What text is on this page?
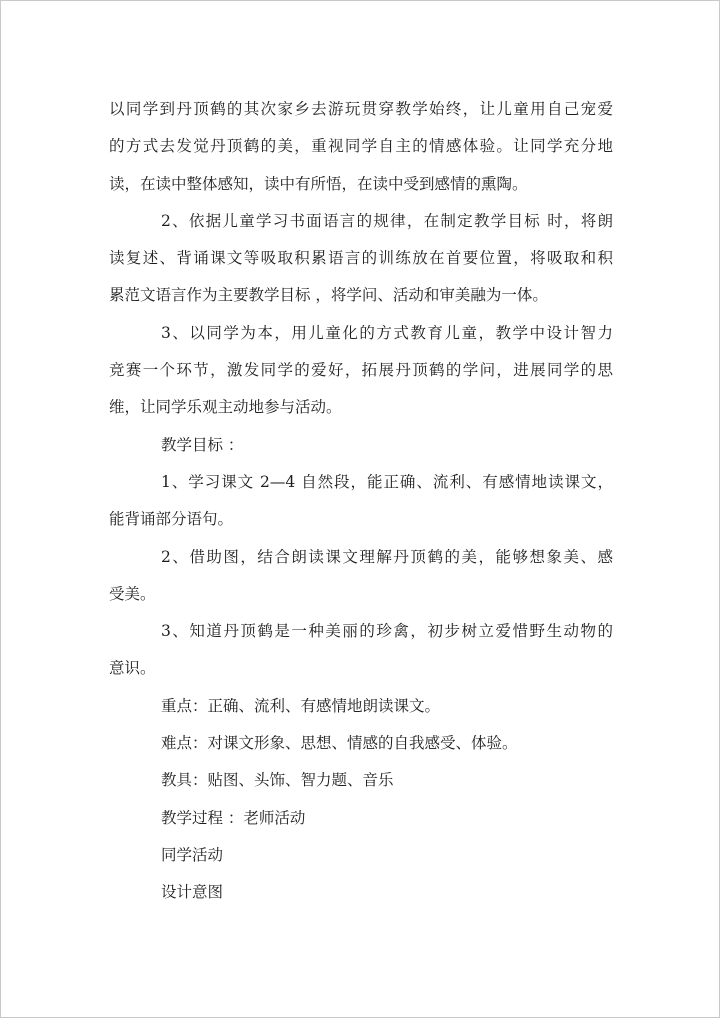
以同学到丹顶鹤的其次家乡去游玩贯穿教学始终，让儿童用自己宠爱
的方式去发觉丹顶鹤的美，重视同学自主的情感体验。让同学充分地
读，在读中整体感知，读中有所悟，在读中受到感情的熏陶。
2、依据儿童学习书面语言的规律，在制定教学目标 时，将朗
读复述、背诵课文等吸取积累语言的训练放在首要位置，将吸取和积
累范文语言作为主要教学目标 ，将学问、活动和审美融为一体。
3、以同学为本，用儿童化的方式教育儿童，教学中设计智力
竞赛一个环节，激发同学的爱好，拓展丹顶鹤的学问，进展同学的思
维，让同学乐观主动地参与活动。
教学目标 ：
1、学习课文 2—4 自然段，能正确、流利、有感情地读课文，
能背诵部分语句。
2、借助图，结合朗读课文理解丹顶鹤的美，能够想象美、感
受美。
3、知道丹顶鹤是一种美丽的珍禽，初步树立爱惜野生动物的
意识。
重点：正确、流利、有感情地朗读课文。
难点：对课文形象、思想、情感的自我感受、体验。
教具：贴图、头饰、智力题、音乐
教学过程 ：老师活动
同学活动
设计意图
